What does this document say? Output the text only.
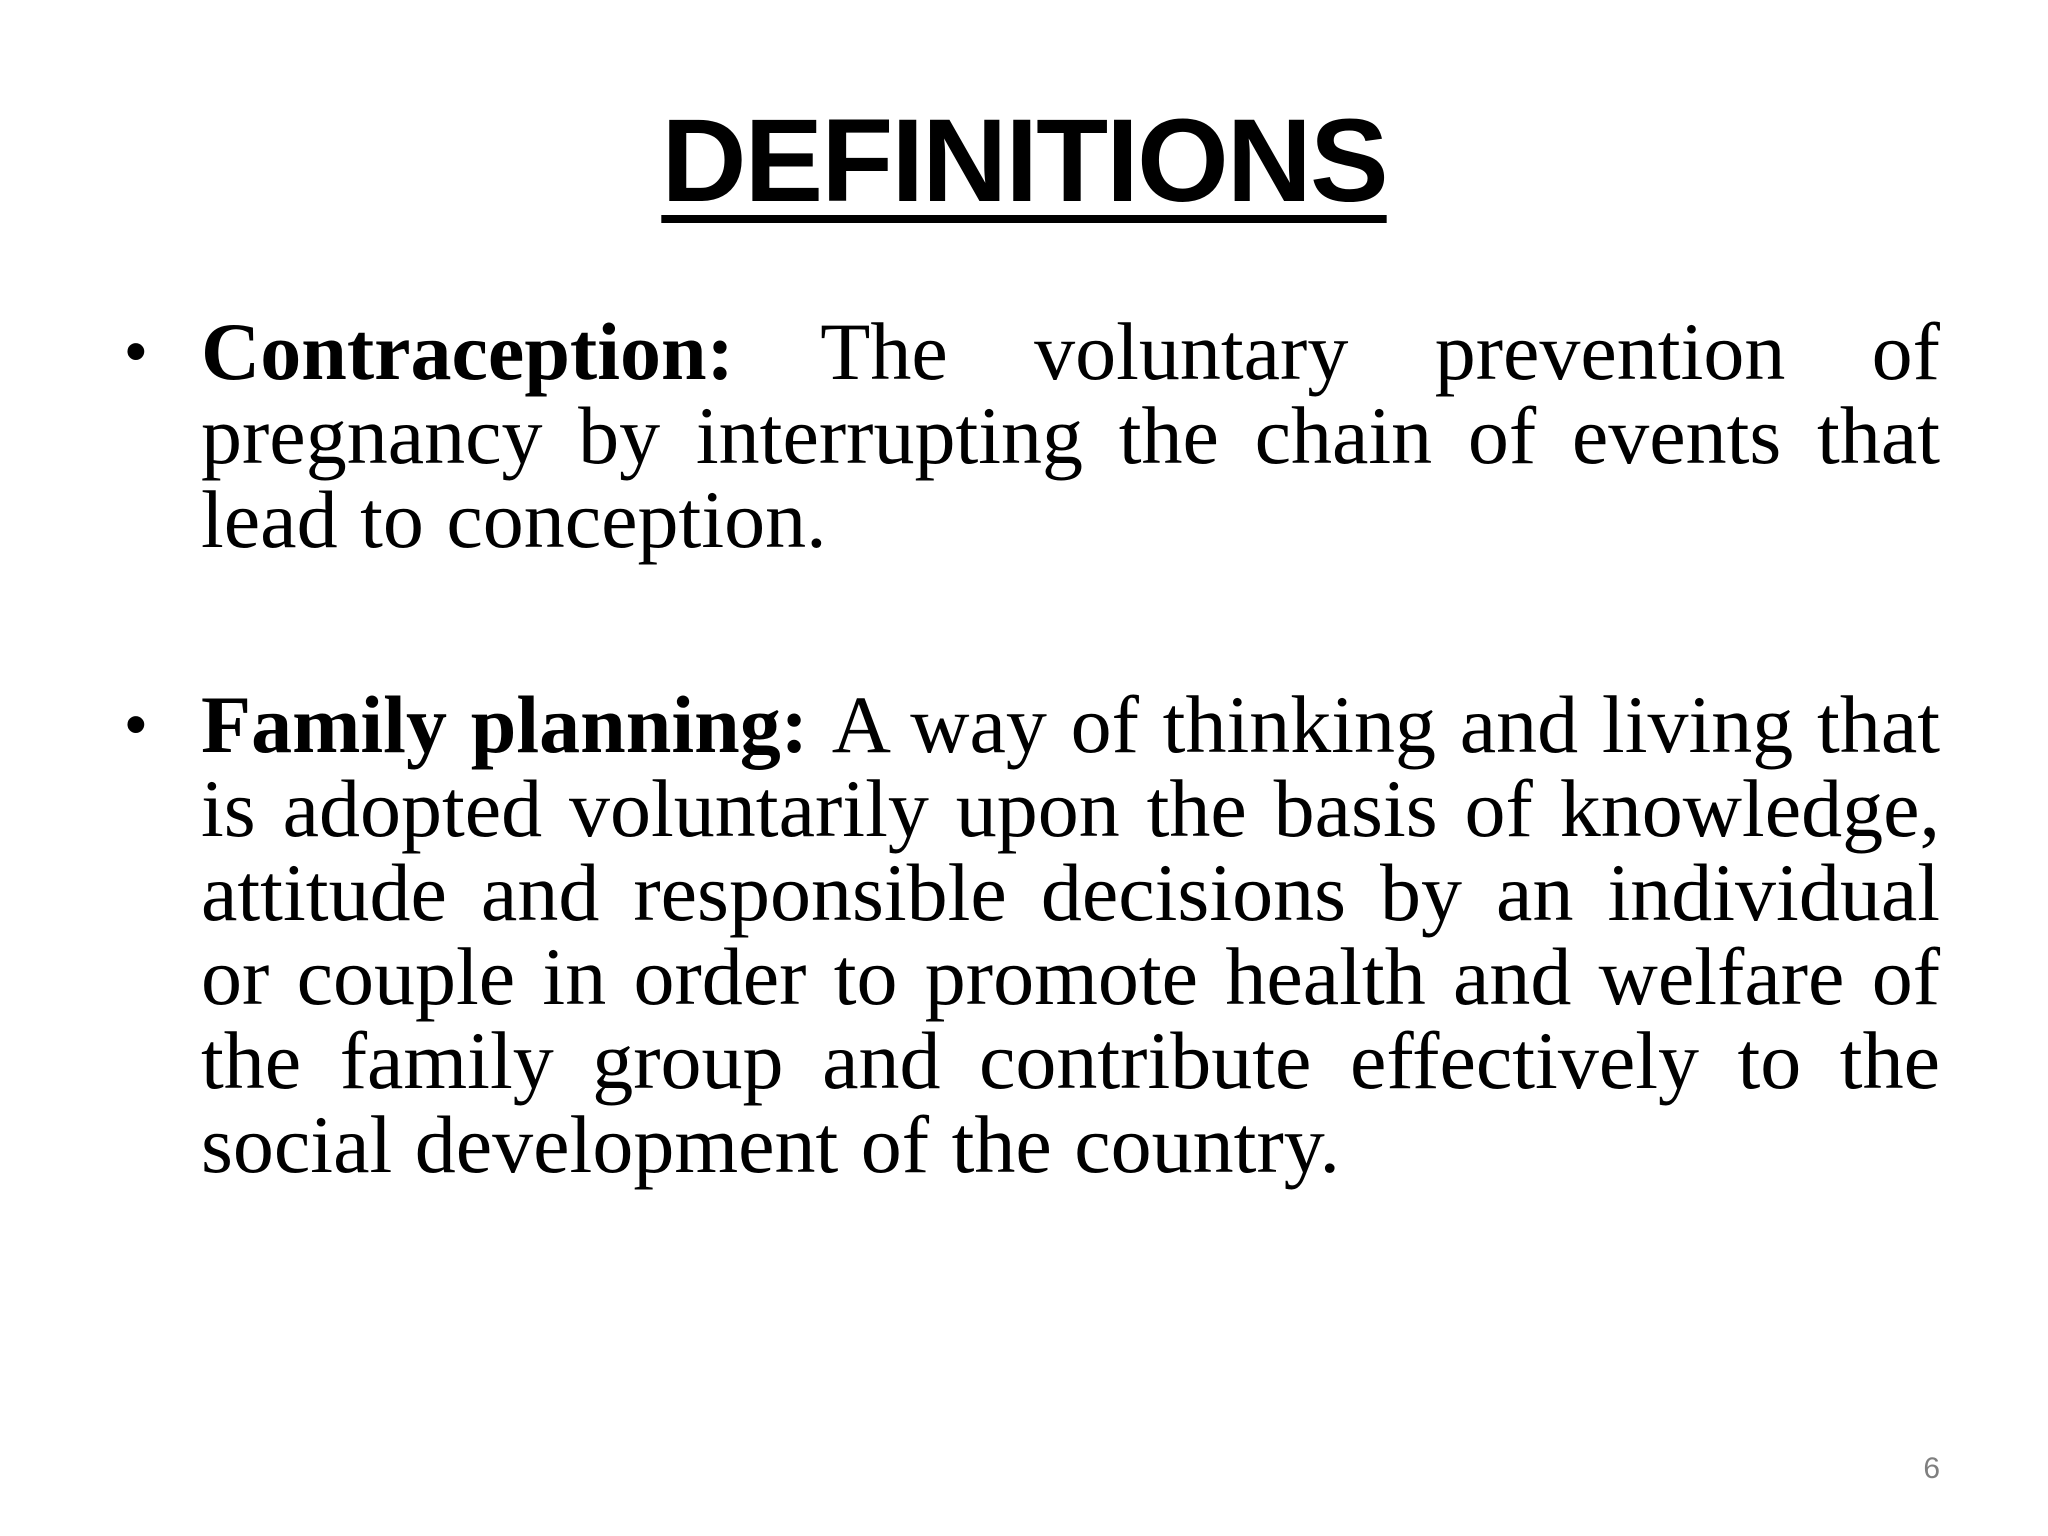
DEFINITIONS
• Contraception: The voluntary prevention of pregnancy by interrupting the chain of events that lead to conception.
• Family planning: A way of thinking and living that is adopted voluntarily upon the basis of knowledge, attitude and responsible decisions by an individual or couple in order to promote health and welfare of the family group and contribute effectively to the social development of the country.
6
